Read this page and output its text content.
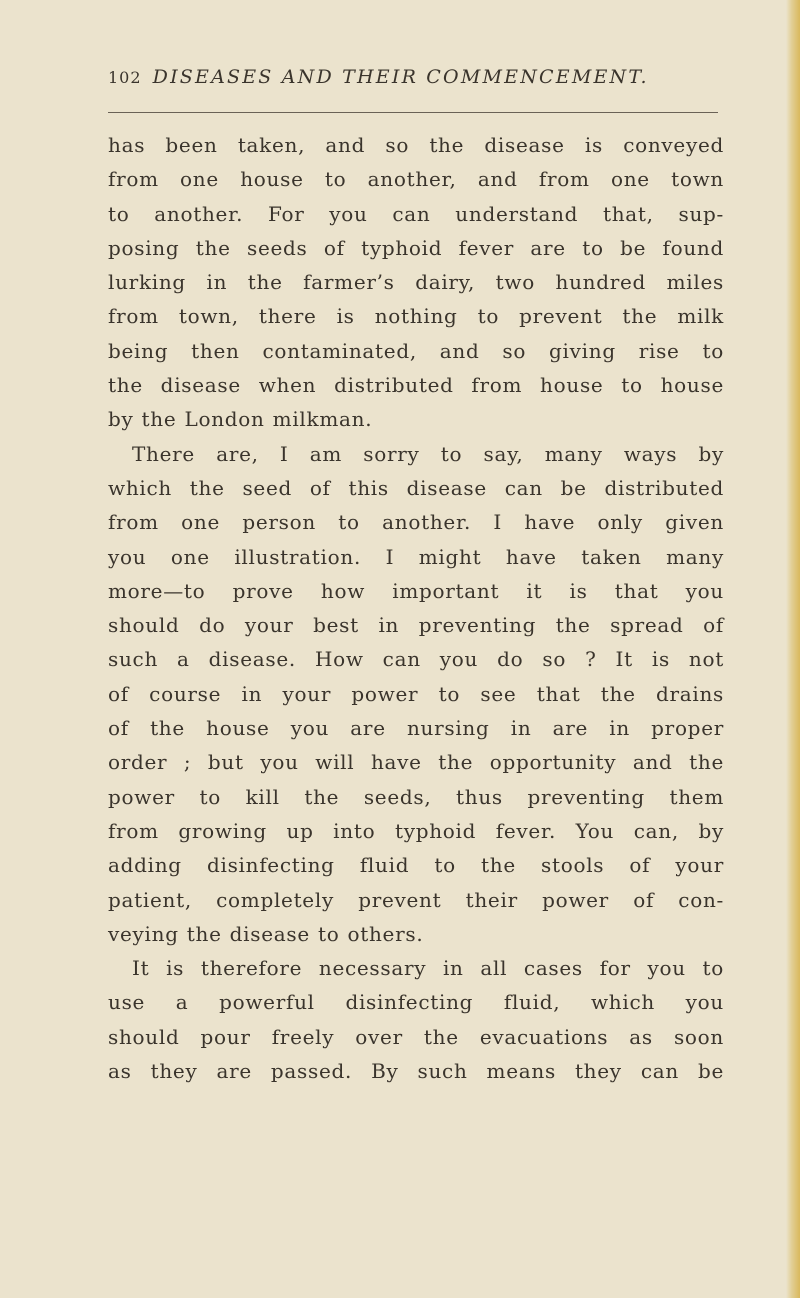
102 DISEASES AND THEIR COMMENCEMENT.
has been taken, and so the disease is conveyed
from one house to another, and from one town
to another. For you can understand that, sup-
posing the seeds of typhoid fever are to be found
lurking in the farmer’s dairy, two hundred miles
from town, there is nothing to prevent the milk
being then contaminated, and so giving rise to
the disease when distributed from house to house
by the London milkman.
There are, I am sorry to say, many ways by
which the seed of this disease can be distributed
from one person to another. I have only given
you one illustration. I might have taken many
more—to prove how important it is that you
should do your best in preventing the spread of
such a disease. How can you do so ? It is not
of course in your power to see that the drains
of the house you are nursing in are in proper
order ; but you will have the opportunity and the
power to kill the seeds, thus preventing them
from growing up into typhoid fever. You can, by
adding disinfecting fluid to the stools of your
patient, completely prevent their power of con-
veying the disease to others.
It is therefore necessary in all cases for you to
use a powerful disinfecting fluid, which you
should pour freely over the evacuations as soon
as they are passed. By such means they can be
